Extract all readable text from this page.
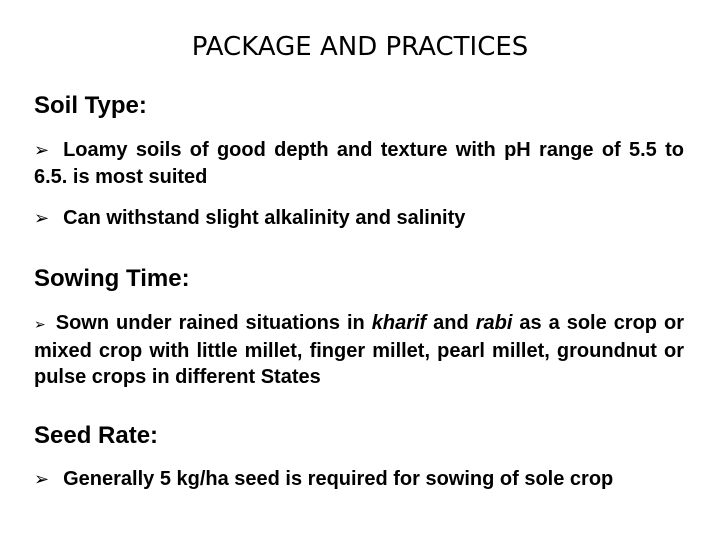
PACKAGE AND PRACTICES
Soil Type:
➢ Loamy soils of good depth and texture with pH range of 5.5 to 6.5. is most suited
➢ Can withstand slight alkalinity and salinity
Sowing Time:
➢ Sown under rained situations in kharif and rabi as a sole crop or mixed crop with little millet, finger millet, pearl millet, groundnut or pulse crops in different States
Seed Rate:
➢ Generally 5 kg/ha seed is required for sowing of sole crop
